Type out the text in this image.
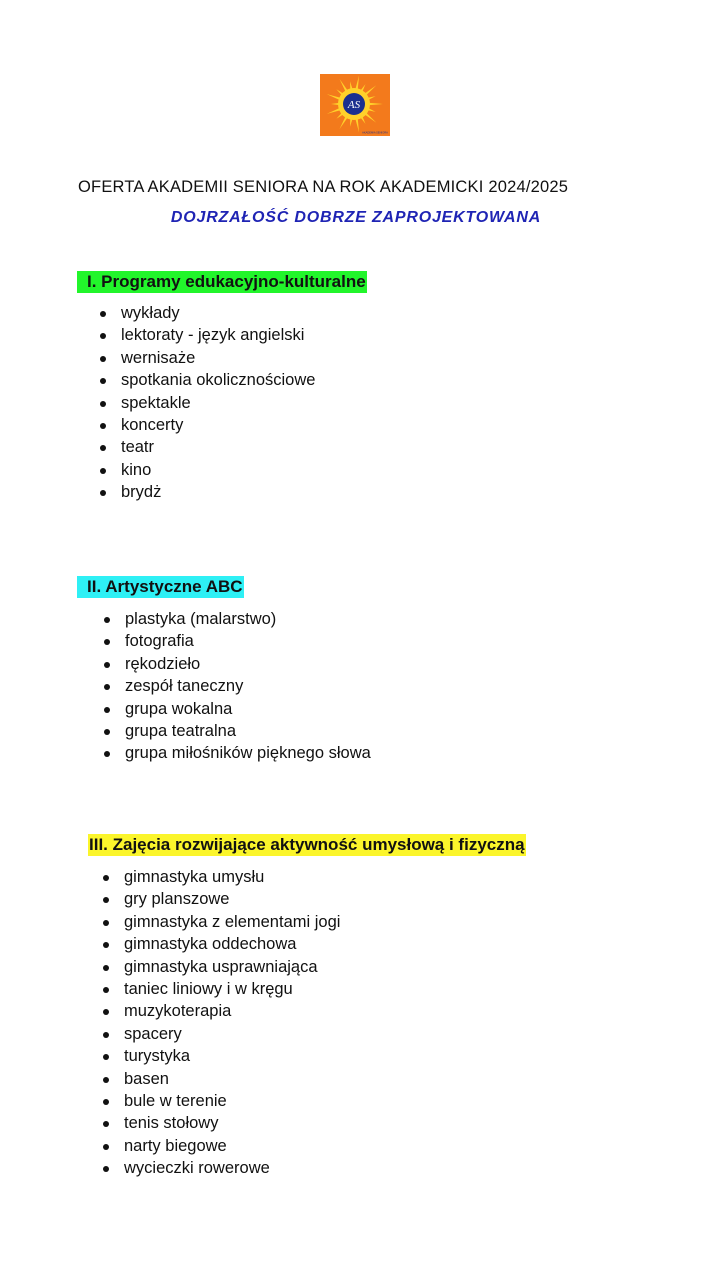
AS
AKADEMIA SENIORA
OFERTA AKADEMII SENIORA NA ROK AKADEMICKI 2024/2025
DOJRZAŁOŚĆ DOBRZE ZAPROJEKTOWANA
I. Programy edukacyjno-kulturalne
wykłady
lektoraty - język angielski
wernisaże
spotkania okolicznościowe
spektakle
koncerty
teatr
kino
brydż
II. Artystyczne ABC
plastyka (malarstwo)
fotografia
rękodzieło
zespół taneczny
grupa wokalna
grupa teatralna
grupa miłośników pięknego słowa
III. Zajęcia rozwijające aktywność umysłową i fizyczną
gimnastyka umysłu
gry planszowe
gimnastyka z elementami jogi
gimnastyka oddechowa
gimnastyka usprawniająca
taniec liniowy i w kręgu
muzykoterapia
spacery
turystyka
basen
bule w terenie
tenis stołowy
narty biegowe
wycieczki rowerowe
